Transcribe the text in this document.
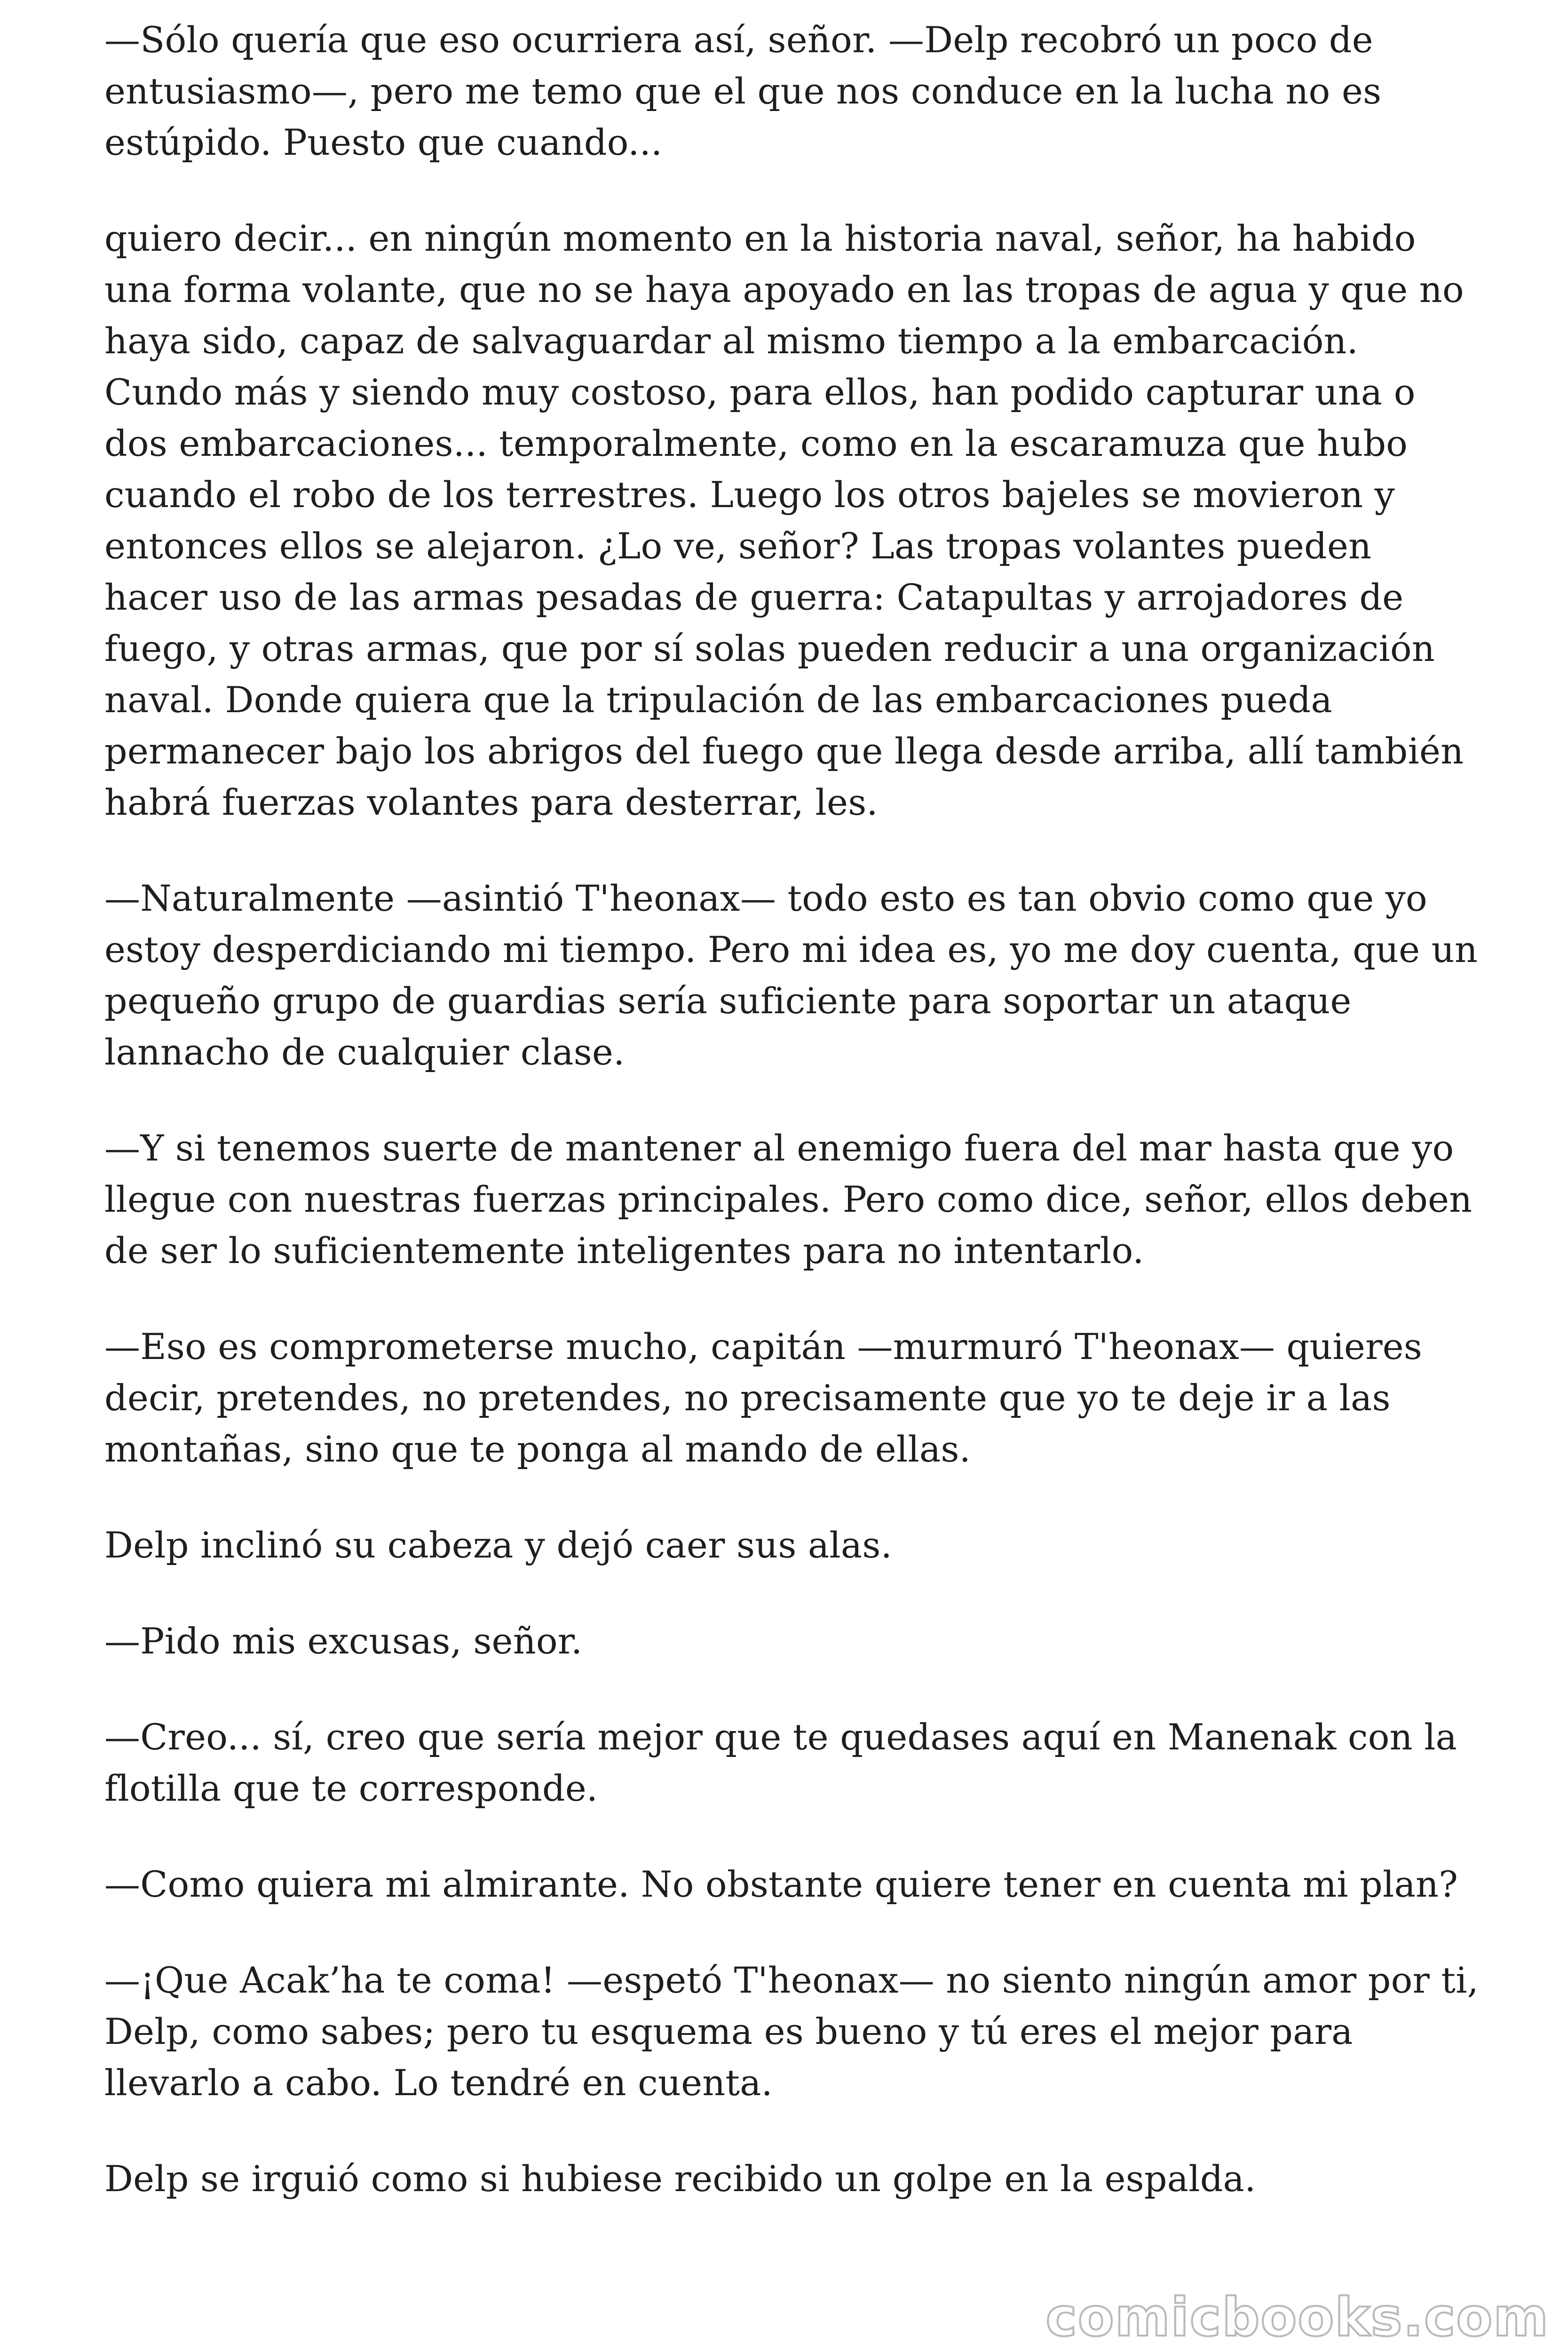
—Sólo quería que eso ocurriera así, señor. —Delp recobró un poco de entusiasmo—, pero me temo que el que nos conduce en la lucha no es estúpido. Puesto que cuando...

quiero decir... en ningún momento en la historia naval, señor, ha habido una forma volante, que no se haya apoyado en las tropas de agua y que no haya sido, capaz de salvaguardar al mismo tiempo a la embarcación. Cundo más y siendo muy costoso, para ellos, han podido capturar una o dos embarcaciones... temporalmente, como en la escaramuza que hubo cuando el robo de los terrestres. Luego los otros bajeles se movieron y entonces ellos se alejaron. ¿Lo ve, señor? Las tropas volantes pueden hacer uso de las armas pesadas de guerra: Catapultas y arrojadores de fuego, y otras armas, que por sí solas pueden reducir a una organización naval. Donde quiera que la tripulación de las embarcaciones pueda permanecer bajo los abrigos del fuego que llega desde arriba, allí también habrá fuerzas volantes para desterrar, les.

—Naturalmente —asintió T'heonax— todo esto es tan obvio como que yo estoy desperdiciando mi tiempo. Pero mi idea es, yo me doy cuenta, que un pequeño grupo de guardias sería suficiente para soportar un ataque lannacho de cualquier clase.

—Y si tenemos suerte de mantener al enemigo fuera del mar hasta que yo llegue con nuestras fuerzas principales. Pero como dice, señor, ellos deben de ser lo suficientemente inteligentes para no intentarlo.

—Eso es comprometerse mucho, capitán —murmuró T'heonax— quieres decir, pretendes, no pretendes, no precisamente que yo te deje ir a las montañas, sino que te ponga al mando de ellas.

Delp inclinó su cabeza y dejó caer sus alas.

—Pido mis excusas, señor.

—Creo... sí, creo que sería mejor que te quedases aquí en Manenak con la flotilla que te corresponde.

—Como quiera mi almirante. No obstante quiere tener en cuenta mi plan?

—¡Que Acak’ha te coma! —espetó T'heonax— no siento ningún amor por ti, Delp, como sabes; pero tu esquema es bueno y tú eres el mejor para llevarlo a cabo. Lo tendré en cuenta.

Delp se irguió como si hubiese recibido un golpe en la espalda.

comicbooks.com
